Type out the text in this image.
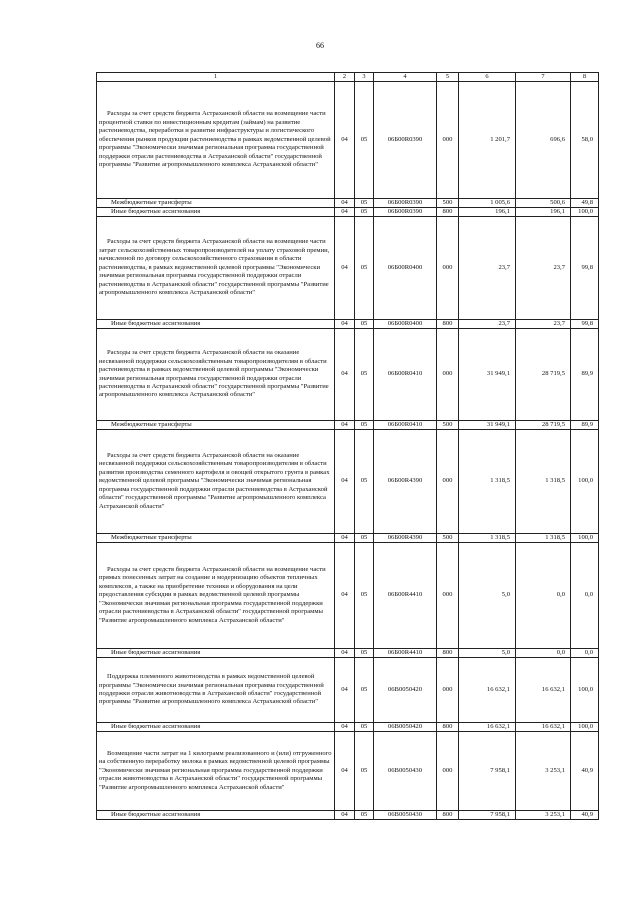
66
1	2	3	4	5	6	7	8
Расходы за счет средств бюджета Астраханской области на возмещение части процентной ставки по инвестиционным кредитам (займам) на развитие растениеводства, переработки и развитие инфраструктуры и логистического обеспечения рынков продукции растениеводства в рамках ведомственной целевой программы "Экономически значимая региональная программа государственной поддержки отрасли растениеводства в Астраханской области" государственной программы "Развитие агропромышленного комплекса Астраханской области"	04	05	06Б00R0390	000	1 201,7	696,6	58,0
Межбюджетные трансферты	04	05	06Б00R0390	500	1 005,6	500,6	49,8
Иные бюджетные ассигнования	04	05	06Б00R0390	800	196,1	196,1	100,0
Расходы за счет средств бюджета Астраханской области на возмещение части затрат сельскохозяйственных товаропроизводителей на уплату страховой премии, начисленной по договору сельскохозяйственного страхования в области растениеводства, в рамках ведомственной целевой программы "Экономически значимая региональная программа государственной поддержки отрасли растениеводства в Астраханской области" государственной программы "Развитие агропромышленного комплекса Астраханской области"	04	05	06Б00R0400	000	23,7	23,7	99,8
Иные бюджетные ассигнования	04	05	06Б00R0400	800	23,7	23,7	99,8
Расходы за счет средств бюджета Астраханской области на оказание несвязанной поддержки сельскохозяйственным товаропроизводителям в области растениеводства в рамках ведомственной целевой программы "Экономически значимая региональная программа государственной поддержки отрасли растениеводства в Астраханской области" государственной программы "Развитие агропромышленного комплекса Астраханской области"	04	05	06Б00R0410	000	31 949,1	28 719,5	89,9
Межбюджетные трансферты	04	05	06Б00R0410	500	31 949,1	28 719,5	89,9
Расходы за счет средств бюджета Астраханской области на оказание несвязанной поддержки сельскохозяйственным товаропроизводителям в области развития производства семенного картофеля и овощей открытого грунта в рамках ведомственной целевой программы "Экономически значимая региональная программа государственной поддержки отрасли растениеводства в Астраханской области" государственной программы "Развитие агропромышленного комплекса Астраханской области"	04	05	06Б00R4390	000	1 318,5	1 318,5	100,0
Межбюджетные трансферты	04	05	06Б00R4390	500	1 318,5	1 318,5	100,0
Расходы за счет средств бюджета Астраханской области на возмещение части прямых понесенных затрат на создание и модернизацию объектов тепличных комплексов, а также на приобретение техники и оборудования на цели предоставления субсидии в рамках ведомственной целевой программы "Экономически значимая региональная программа государственной поддержки отрасли растениеводства в Астраханской области" государственной программы "Развитие агропромышленного комплекса Астраханской области"	04	05	06Б00R4410	000	5,0	0,0	0,0
Иные бюджетные ассигнования	04	05	06Б00R4410	800	5,0	0,0	0,0
Поддержка племенного животноводства в рамках ведомственной целевой программы "Экономически значимая региональная программа государственной поддержки отрасли животноводства в Астраханской области" государственной программы "Развитие агропромышленного комплекса Астраханской области"	04	05	06В0050420	000	16 632,1	16 632,1	100,0
Иные бюджетные ассигнования	04	05	06В0050420	800	16 632,1	16 632,1	100,0
Возмещение части затрат на 1 килограмм реализованного и (или) отгруженного на собственную переработку молока в рамках ведомственной целевой программы "Экономически значимая региональная программа государственной поддержки отрасли животноводства в Астраханской области" государственной программы "Развитие агропромышленного комплекса Астраханской области"	04	05	06В0050430	000	7 958,1	3 253,1	40,9
Иные бюджетные ассигнования	04	05	06В0050430	800	7 958,1	3 253,1	40,9
